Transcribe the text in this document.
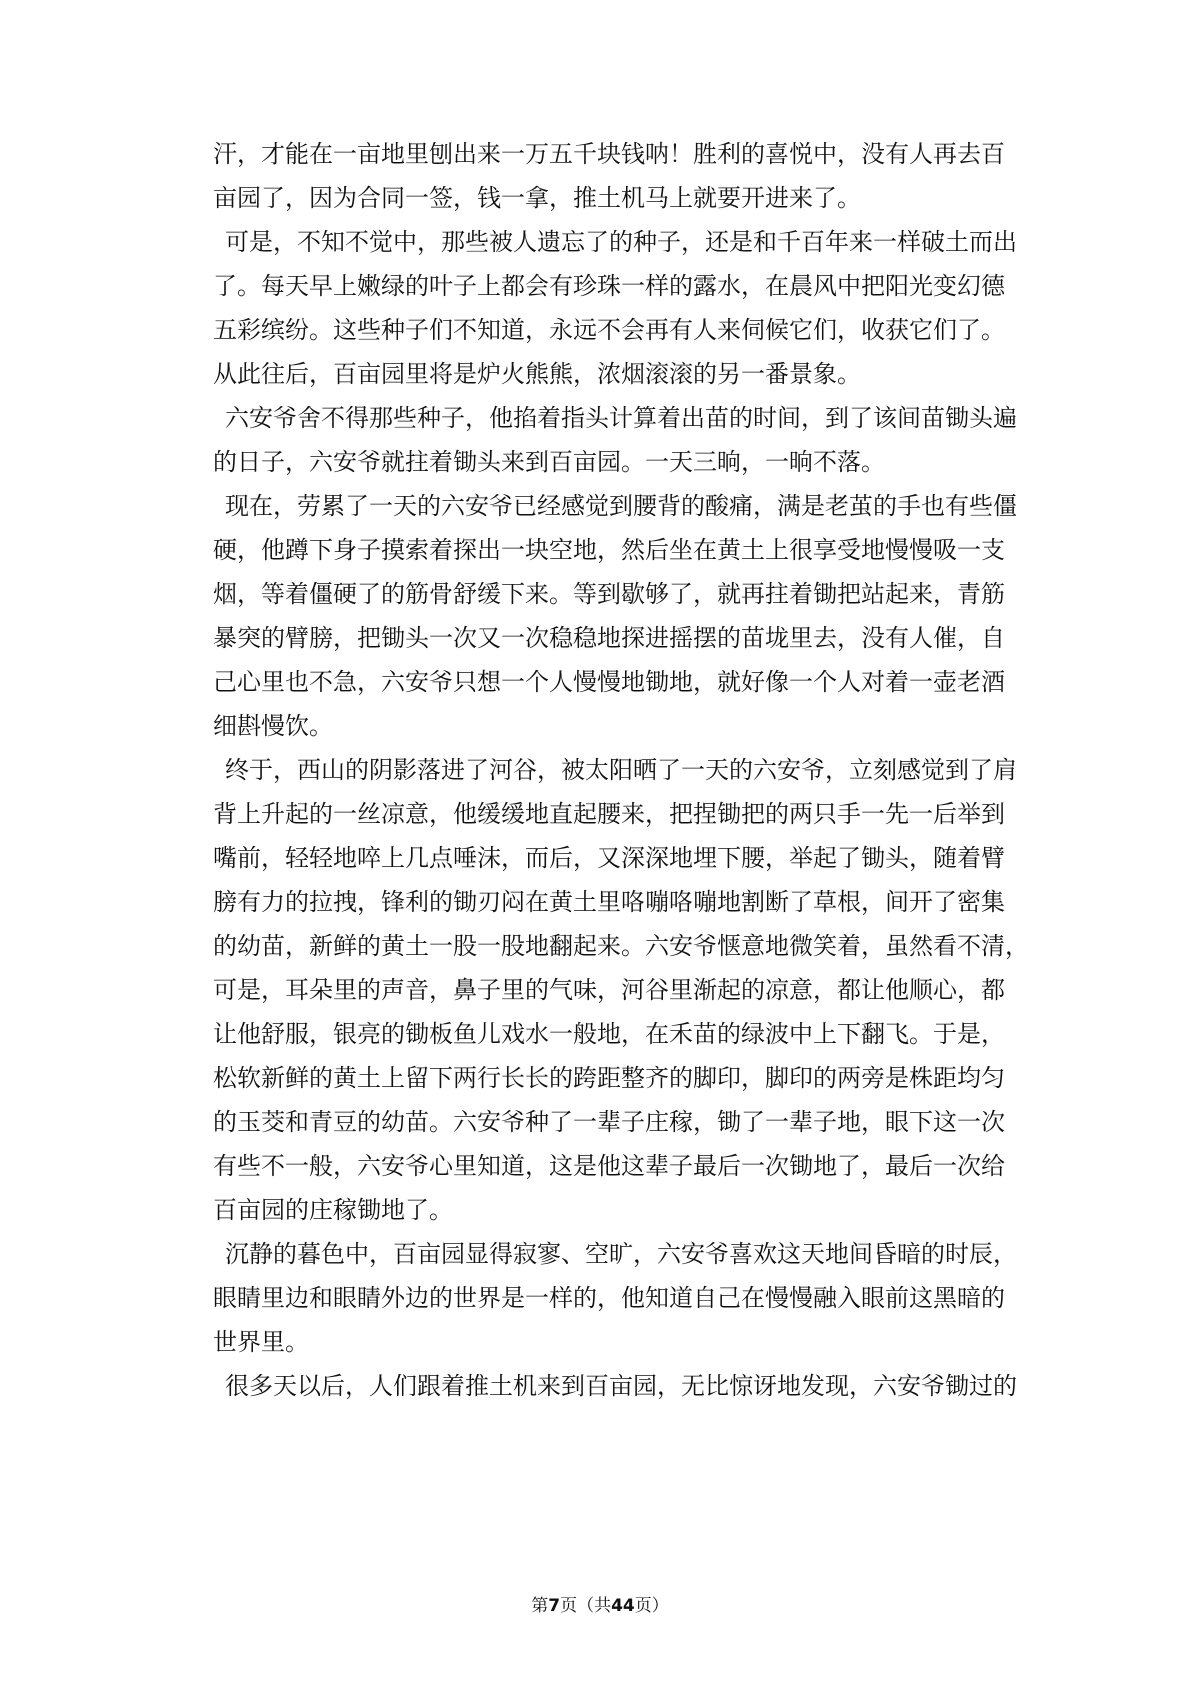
汗，才能在一亩地里刨出来一万五千块钱呐！胜利的喜悦中，没有人再去百
亩园了，因为合同一签，钱一拿，推土机马上就要开进来了。
可是，不知不觉中，那些被人遗忘了的种子，还是和千百年来一样破土而出
了。每天早上嫩绿的叶子上都会有珍珠一样的露水，在晨风中把阳光变幻德
五彩缤纷。这些种子们不知道，永远不会再有人来伺候它们，收获它们了。
从此往后，百亩园里将是炉火熊熊，浓烟滚滚的另一番景象。
六安爷舍不得那些种子，他掐着指头计算着出苗的时间，到了该间苗锄头遍
的日子，六安爷就拄着锄头来到百亩园。一天三晌，一晌不落。
现在，劳累了一天的六安爷已经感觉到腰背的酸痛，满是老茧的手也有些僵
硬，他蹲下身子摸索着探出一块空地，然后坐在黄土上很享受地慢慢吸一支
烟，等着僵硬了的筋骨舒缓下来。等到歇够了，就再拄着锄把站起来，青筋
暴突的臂膀，把锄头一次又一次稳稳地探进摇摆的苗垅里去，没有人催，自
己心里也不急，六安爷只想一个人慢慢地锄地，就好像一个人对着一壶老酒
细斟慢饮。
终于，西山的阴影落进了河谷，被太阳晒了一天的六安爷，立刻感觉到了肩
背上升起的一丝凉意，他缓缓地直起腰来，把捏锄把的两只手一先一后举到
嘴前，轻轻地啐上几点唾沫，而后，又深深地埋下腰，举起了锄头，随着臂
膀有力的拉拽，锋利的锄刃闷在黄土里咯嘣咯嘣地割断了草根，间开了密集
的幼苗，新鲜的黄土一股一股地翻起来。六安爷惬意地微笑着，虽然看不清，
可是，耳朵里的声音，鼻子里的气味，河谷里渐起的凉意，都让他顺心，都
让他舒服，银亮的锄板鱼儿戏水一般地，在禾苗的绿波中上下翻飞。于是，
松软新鲜的黄土上留下两行长长的跨距整齐的脚印，脚印的两旁是株距均匀
的玉茭和青豆的幼苗。六安爷种了一辈子庄稼，锄了一辈子地，眼下这一次
有些不一般，六安爷心里知道，这是他这辈子最后一次锄地了，最后一次给
百亩园的庄稼锄地了。
沉静的暮色中，百亩园显得寂寥、空旷，六安爷喜欢这天地间昏暗的时辰，
眼睛里边和眼睛外边的世界是一样的，他知道自己在慢慢融入眼前这黑暗的
世界里。
很多天以后，人们跟着推土机来到百亩园，无比惊讶地发现，六安爷锄过的
第7页（共44页）
